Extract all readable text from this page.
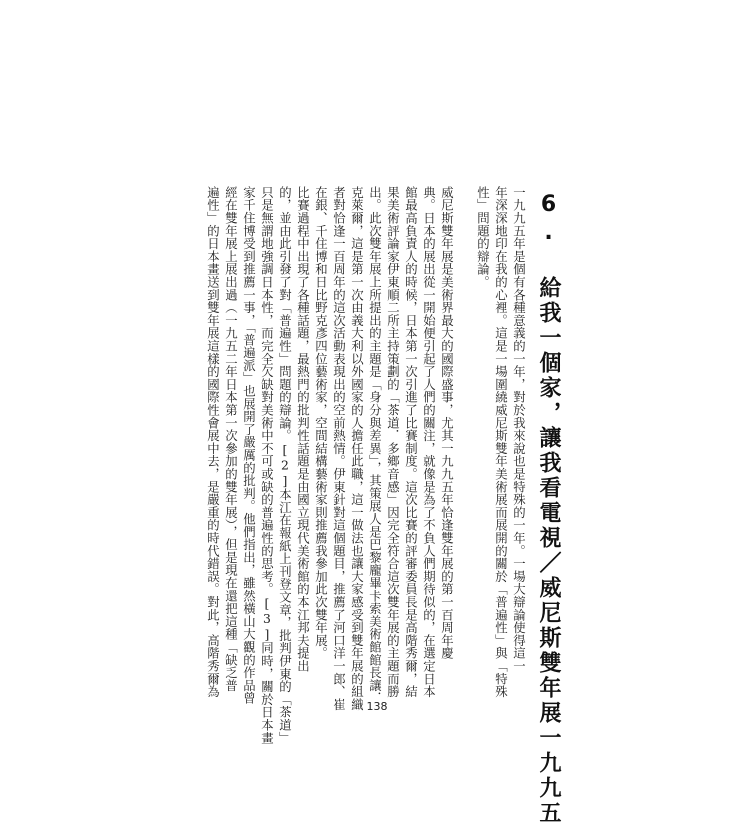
6. 給我一個家，讓我看電視／威尼斯雙年展一九九五
一九九五年是個有各種意義的一年，對於我來說也是特殊的一年。一場大辯論使得這一
年深深地印在我的心裡。這是一場圍繞威尼斯雙年美術展而展開的關於「普遍性」與「特殊
性」問題的辯論。
威尼斯雙年展是美術界最大的國際盛事，尤其一九九五年恰逢雙年展的第一百周年慶
典。日本的展出從一開始便引起了人們的關注，就像是為了不負人們期待似的，在選定日本
館最高負責人的時候，日本第一次引進了比賽制度。這次比賽的評審委員長是高階秀爾，結
果美術評論家伊東順二所主持策劃的「茶道．多鄉音感」因完全符合這次雙年展的主題而勝
出。此次雙年展上所提出的主題是「身分與差異」，其策展人是巴黎龐畢卡索美術館館長讓．
克萊爾，這是第一次由義大利以外國家的人擔任此職，這一做法也讓大家感受到雙年展的組織
者對恰逢一百周年的這次活動表現出的空前熱情。伊東針對這個題目，推薦了河口洋一郎、崔
在銀、千住博和日比野克彥四位藝術家，空間結構藝術家則推薦我參加此次雙年展。
比賽過程中出現了各種話題，最熱門的批判性話題是由國立現代美術館的本江邦夫提出
的，並由此引發了對「普遍性」問題的辯論。[2]本江在報紙上刊登文章，批判伊東的「茶道」
只是無謂地強調日本性，而完全欠缺對美術中不可或缺的普遍性的思考。[3]同時，關於日本畫
家千住博受到推薦一事，「普遍派」也展開了嚴厲的批判。他們指出，雖然橫山大觀的作品曾
經在雙年展上展出過（一九五二年日本第一次參加的雙年展），但是現在還把這種「缺乏普
遍性」的日本畫送到雙年展這樣的國際性會展中去，是嚴重的時代錯誤。對此，高階秀爾為
138
